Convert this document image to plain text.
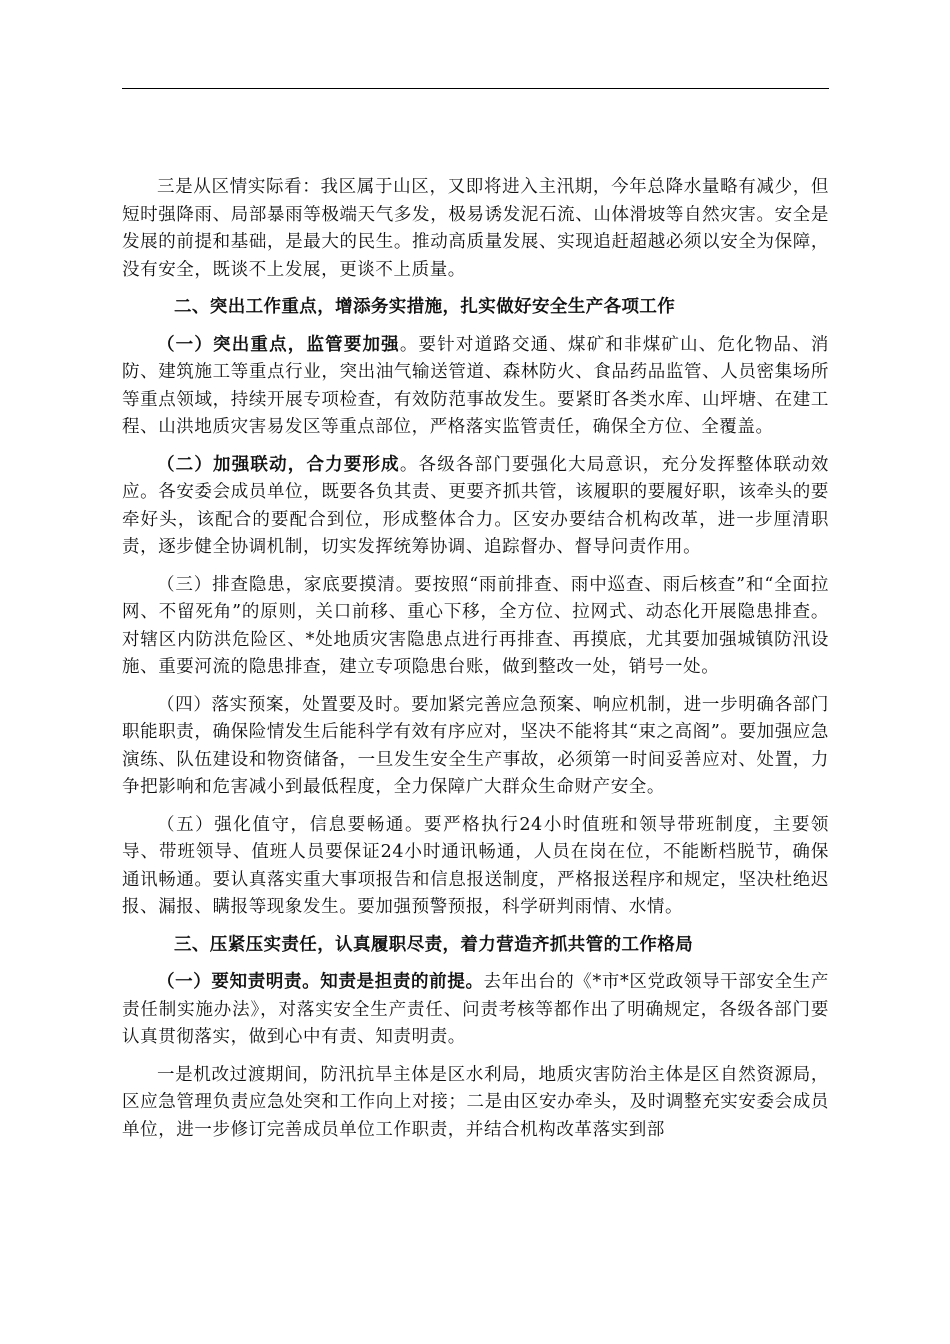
三是从区情实际看：我区属于山区，又即将进入主汛期，今年总降水量略有减少，但短时强降雨、局部暴雨等极端天气多发，极易诱发泥石流、山体滑坡等自然灾害。安全是发展的前提和基础，是最大的民生。推动高质量发展、实现追赶超越必须以安全为保障，没有安全，既谈不上发展，更谈不上质量。

二、突出工作重点，增添务实措施，扎实做好安全生产各项工作

（一）突出重点，监管要加强。要针对道路交通、煤矿和非煤矿山、危化物品、消防、建筑施工等重点行业，突出油气输送管道、森林防火、食品药品监管、人员密集场所等重点领域，持续开展专项检查，有效防范事故发生。要紧盯各类水库、山坪塘、在建工程、山洪地质灾害易发区等重点部位，严格落实监管责任，确保全方位、全覆盖。

（二）加强联动，合力要形成。各级各部门要强化大局意识，充分发挥整体联动效应。各安委会成员单位，既要各负其责、更要齐抓共管，该履职的要履好职，该牵头的要牵好头，该配合的要配合到位，形成整体合力。区安办要结合机构改革，进一步厘清职责，逐步健全协调机制，切实发挥统筹协调、追踪督办、督导问责作用。

（三）排查隐患，家底要摸清。要按照“雨前排查、雨中巡查、雨后核查”和“全面拉网、不留死角”的原则，关口前移、重心下移，全方位、拉网式、动态化开展隐患排查。对辖区内防洪危险区、*处地质灾害隐患点进行再排查、再摸底，尤其要加强城镇防汛设施、重要河流的隐患排查，建立专项隐患台账，做到整改一处，销号一处。

（四）落实预案，处置要及时。要加紧完善应急预案、响应机制，进一步明确各部门职能职责，确保险情发生后能科学有效有序应对，坚决不能将其“束之高阁”。要加强应急演练、队伍建设和物资储备，一旦发生安全生产事故，必须第一时间妥善应对、处置，力争把影响和危害减小到最低程度，全力保障广大群众生命财产安全。

（五）强化值守，信息要畅通。要严格执行24小时值班和领导带班制度，主要领导、带班领导、值班人员要保证24小时通讯畅通，人员在岗在位，不能断档脱节，确保通讯畅通。要认真落实重大事项报告和信息报送制度，严格报送程序和规定，坚决杜绝迟报、漏报、瞒报等现象发生。要加强预警预报，科学研判雨情、水情。

三、压紧压实责任，认真履职尽责，着力营造齐抓共管的工作格局

（一）要知责明责。知责是担责的前提。去年出台的《*市*区党政领导干部安全生产责任制实施办法》，对落实安全生产责任、问责考核等都作出了明确规定，各级各部门要认真贯彻落实，做到心中有责、知责明责。

一是机改过渡期间，防汛抗旱主体是区水利局，地质灾害防治主体是区自然资源局，区应急管理负责应急处突和工作向上对接；二是由区安办牵头，及时调整充实安委会成员单位，进一步修订完善成员单位工作职责，并结合机构改革落实到部
